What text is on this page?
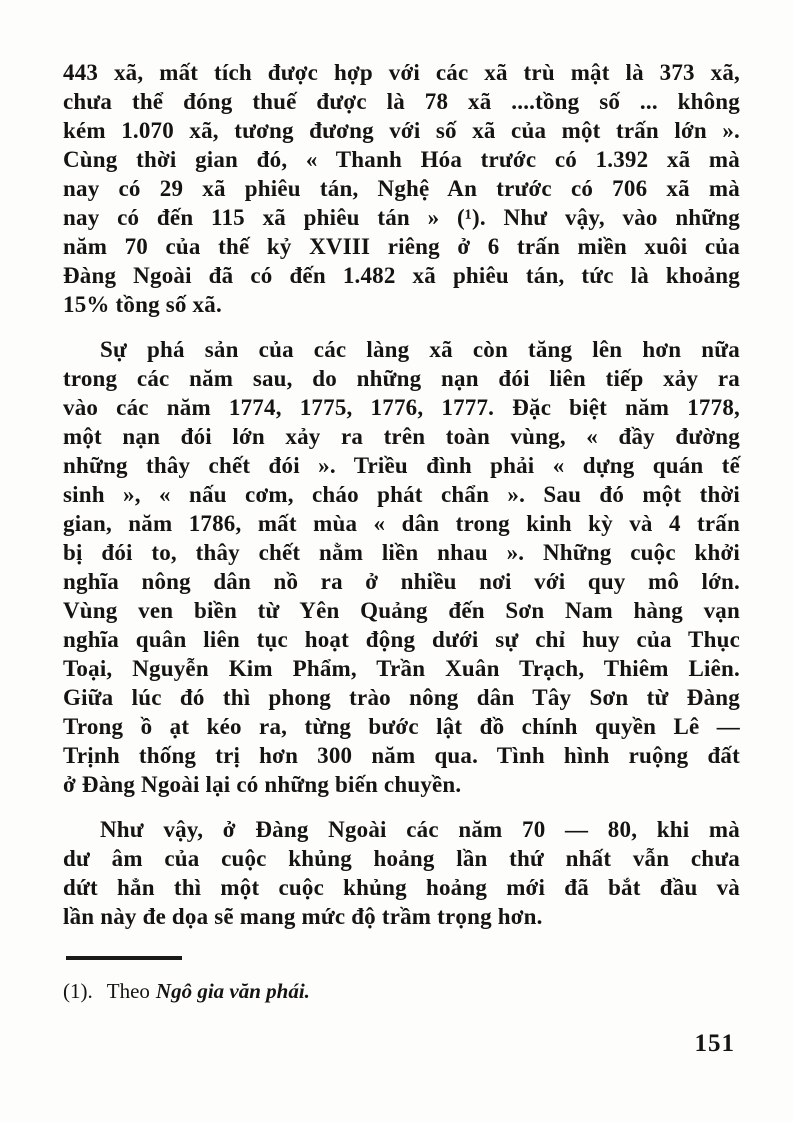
443 xã, mất tích được hợp với các xã trù mật là 373 xã,
chưa thể đóng thuế được là 78 xã ....tồng số ... không
kém 1.070 xã, tương đương với số xã của một trấn lớn ».
Cùng thời gian đó, « Thanh Hóa trước có 1.392 xã mà
nay có 29 xã phiêu tán, Nghệ An trước có 706 xã mà
nay có đến 115 xã phiêu tán » (¹). Như vậy, vào những
năm 70 của thế kỷ XVIII riêng ở 6 trấn miền xuôi của
Đàng Ngoài đã có đến 1.482 xã phiêu tán, tức là khoảng
15% tồng số xã.

Sự phá sản của các làng xã còn tăng lên hơn nữa
trong các năm sau, do những nạn đói liên tiếp xảy ra
vào các năm 1774, 1775, 1776, 1777. Đặc biệt năm 1778,
một nạn đói lớn xảy ra trên toàn vùng, « đầy đường
những thây chết đói ». Triều đình phải « dựng quán tế
sinh », « nấu cơm, cháo phát chẩn ». Sau đó một thời
gian, năm 1786, mất mùa « dân trong kinh kỳ và 4 trấn
bị đói to, thây chết nằm liền nhau ». Những cuộc khởi
nghĩa nông dân nồ ra ở nhiều nơi với quy mô lớn.
Vùng ven biền từ Yên Quảng đến Sơn Nam hàng vạn
nghĩa quân liên tục hoạt động dưới sự chỉ huy của Thục
Toại, Nguyễn Kim Phẩm, Trần Xuân Trạch, Thiêm Liên.
Giữa lúc đó thì phong trào nông dân Tây Sơn từ Đàng
Trong ồ ạt kéo ra, từng bước lật đồ chính quyền Lê —
Trịnh thống trị hơn 300 năm qua. Tình hình ruộng đất
ở Đàng Ngoài lại có những biến chuyền.

Như vậy, ở Đàng Ngoài các năm 70 — 80, khi mà
dư âm của cuộc khủng hoảng lần thứ nhất vẫn chưa
dứt hẳn thì một cuộc khủng hoảng mới đã bắt đầu và
lần này đe dọa sẽ mang mức độ trầm trọng hơn.

(1). Theo Ngô gia văn phái.
151
